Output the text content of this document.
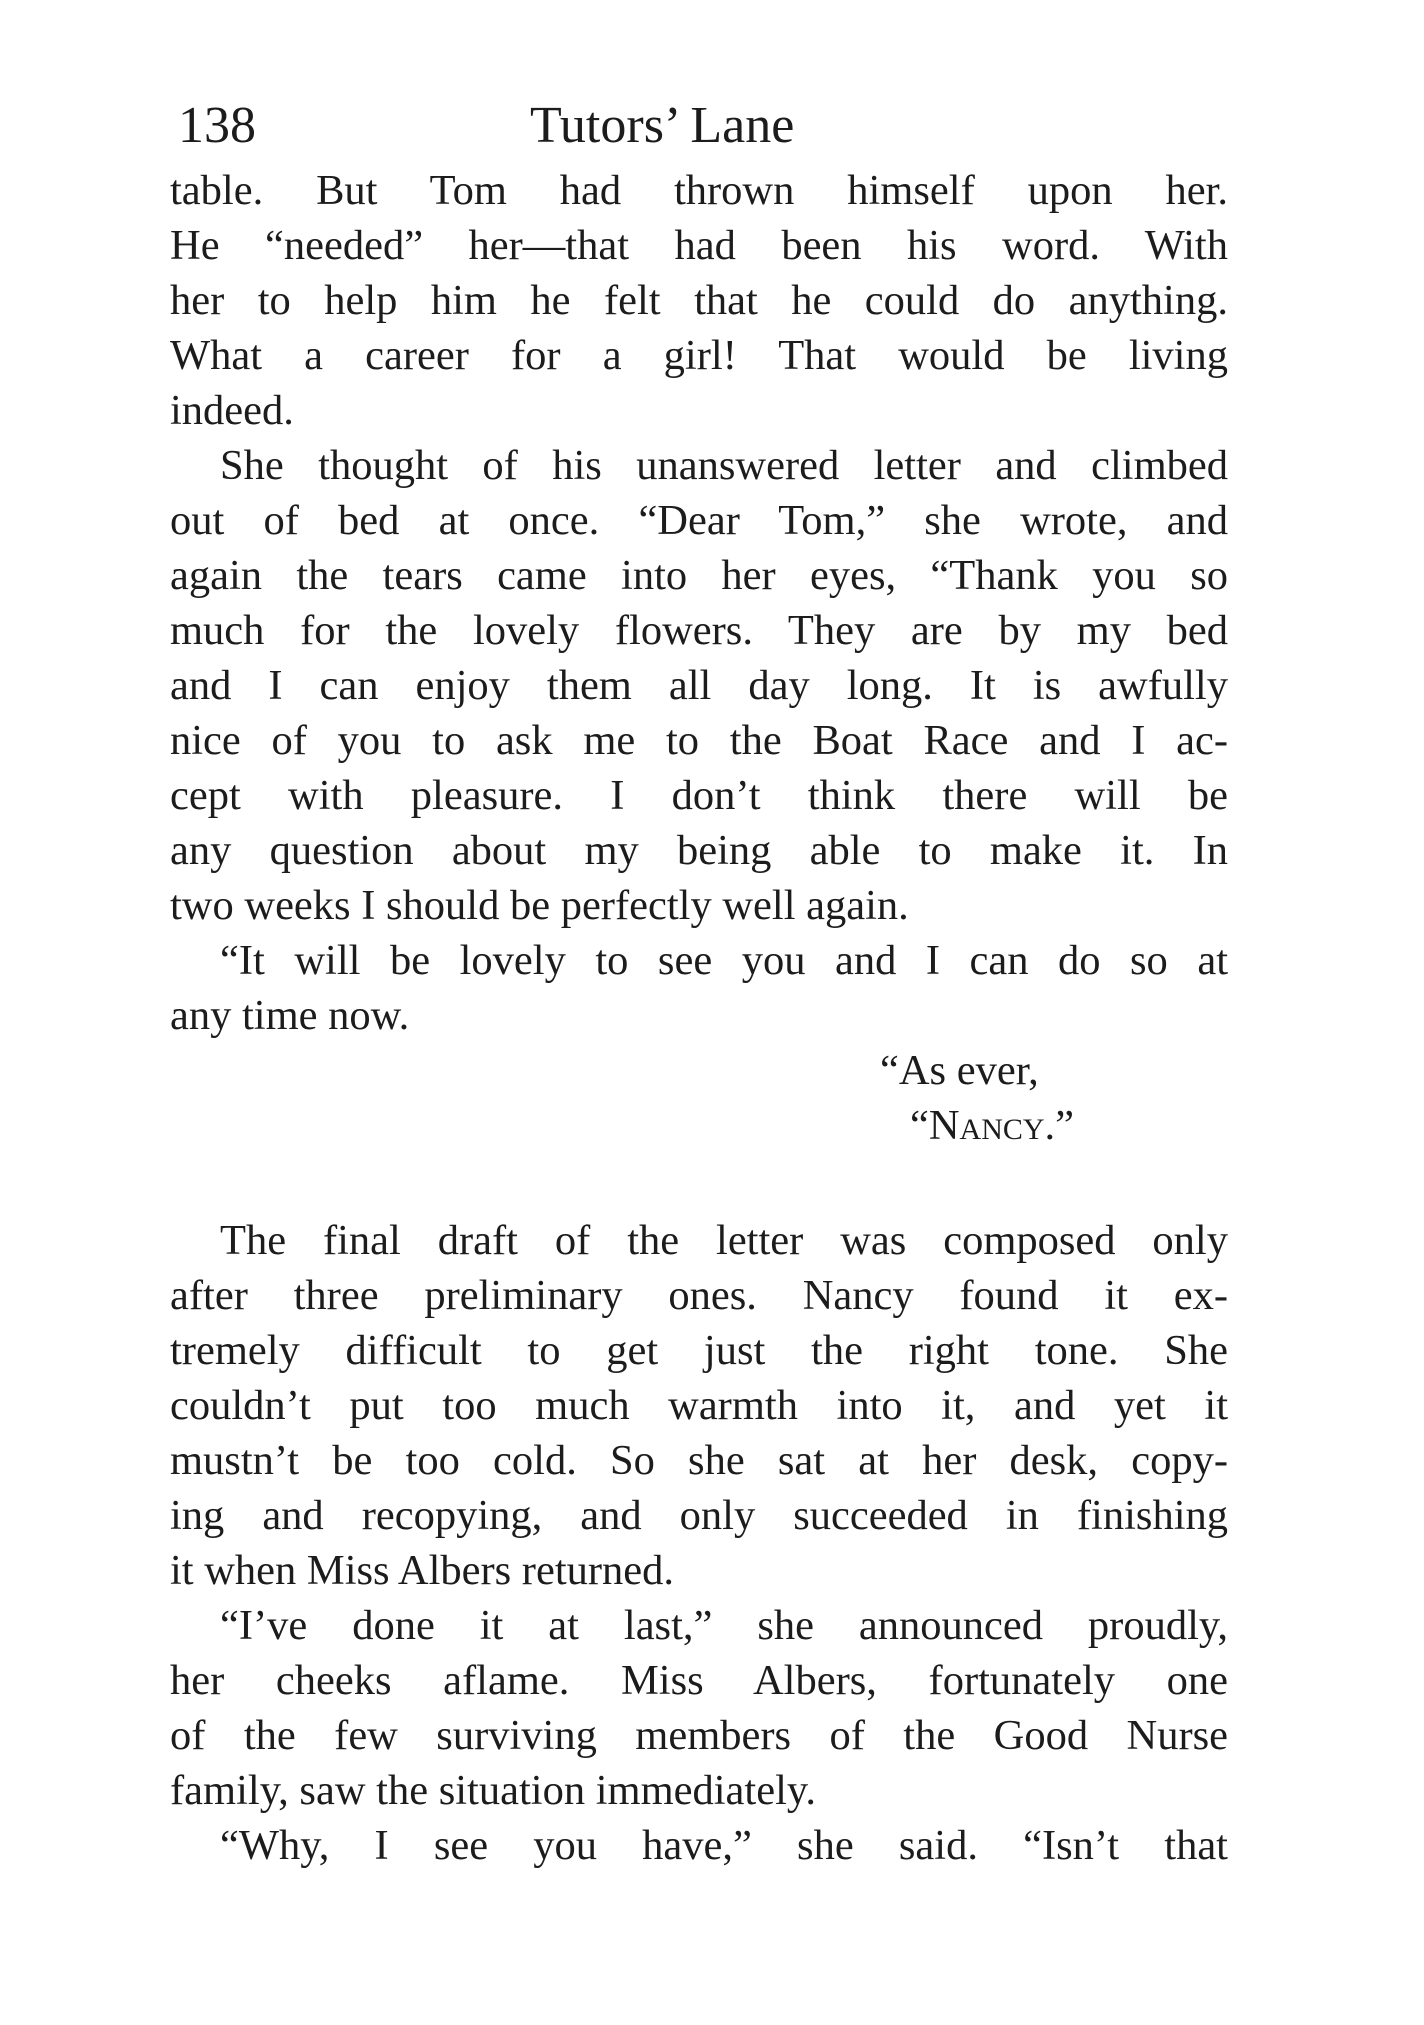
138	Tutors’ Lane
table. But Tom had thrown himself upon her.
He “needed” her—that had been his word. With
her to help him he felt that he could do anything.
What a career for a girl! That would be living
indeed.
She thought of his unanswered letter and climbed
out of bed at once. “Dear Tom,” she wrote, and
again the tears came into her eyes, “Thank you so
much for the lovely flowers. They are by my bed
and I can enjoy them all day long. It is awfully
nice of you to ask me to the Boat Race and I ac-
cept with pleasure. I don’t think there will be
any question about my being able to make it. In
two weeks I should be perfectly well again.
“It will be lovely to see you and I can do so at
any time now.
“As ever,
“Nancy.”
The final draft of the letter was composed only
after three preliminary ones. Nancy found it ex-
tremely difficult to get just the right tone. She
couldn’t put too much warmth into it, and yet it
mustn’t be too cold. So she sat at her desk, copy-
ing and recopying, and only succeeded in finishing
it when Miss Albers returned.
“I’ve done it at last,” she announced proudly,
her cheeks aflame. Miss Albers, fortunately one
of the few surviving members of the Good Nurse
family, saw the situation immediately.
“Why, I see you have,” she said. “Isn’t that
